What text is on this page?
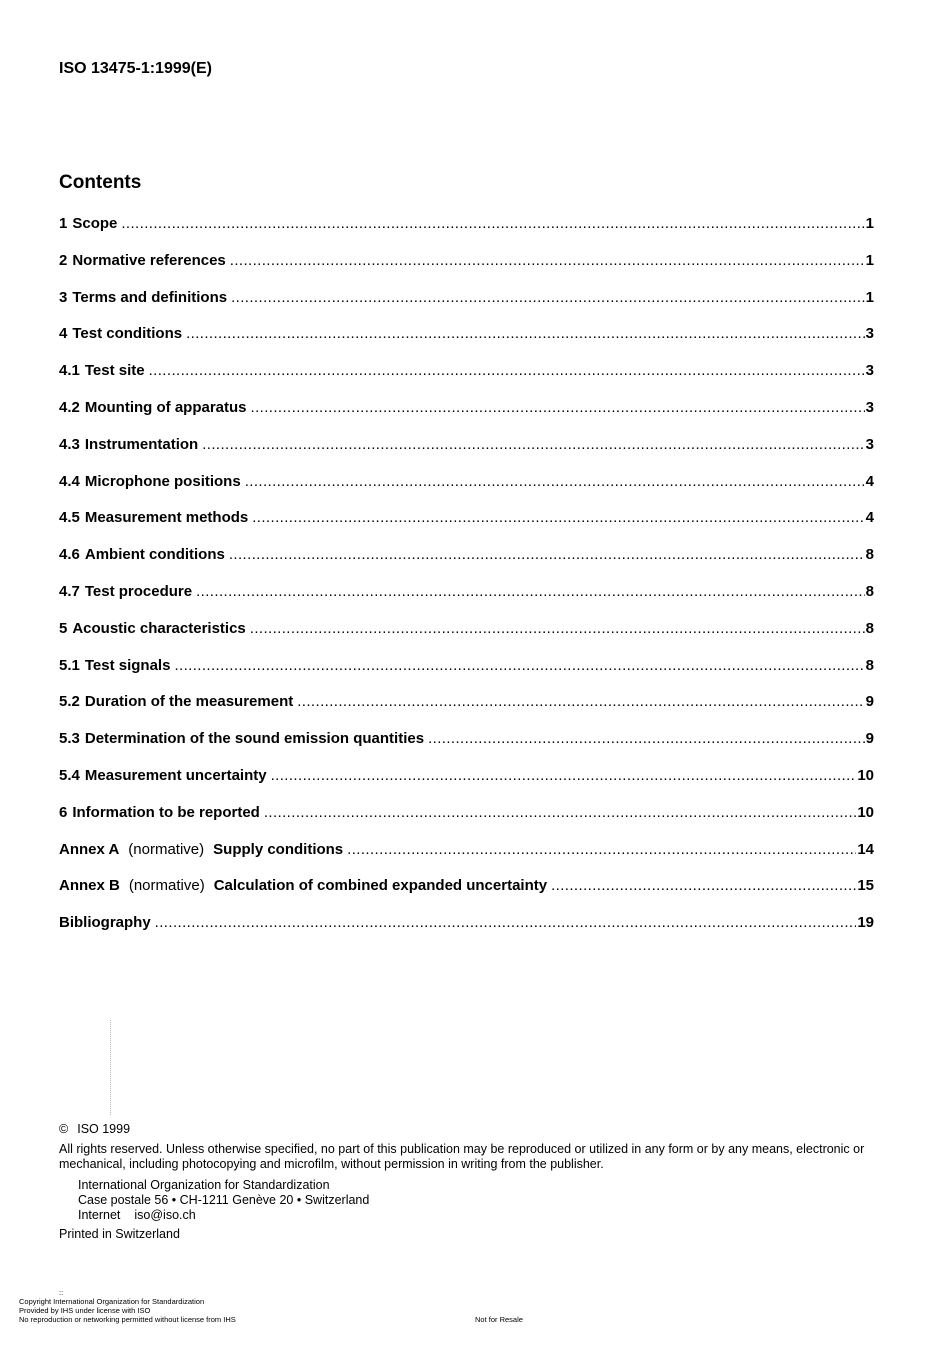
ISO 13475-1:1999(E)
Contents
1 Scope .....	1
2 Normative references .....	1
3 Terms and definitions .....	1
4 Test conditions .....	3
4.1 Test site .....	3
4.2 Mounting of apparatus .....	3
4.3 Instrumentation .....	3
4.4 Microphone positions .....	4
4.5 Measurement methods .....	4
4.6 Ambient conditions .....	8
4.7 Test procedure .....	8
5 Acoustic characteristics .....	8
5.1 Test signals .....	8
5.2 Duration of the measurement .....	9
5.3 Determination of the sound emission quantities .....	9
5.4 Measurement uncertainty .....	10
6 Information to be reported .....	10
Annex A (normative) Supply conditions .....	14
Annex B (normative) Calculation of combined expanded uncertainty .....	15
Bibliography .....	19
© ISO 1999
All rights reserved. Unless otherwise specified, no part of this publication may be reproduced or utilized in any form or by any means, electronic or mechanical, including photocopying and microfilm, without permission in writing from the publisher.
International Organization for Standardization
Case postale 56 • CH-1211 Genève 20 • Switzerland
Internet iso@iso.ch
Printed in Switzerland
::
Copyright International Organization for Standardization
Provided by IHS under license with ISO
No reproduction or networking permitted without license from IHS	Not for Resale
